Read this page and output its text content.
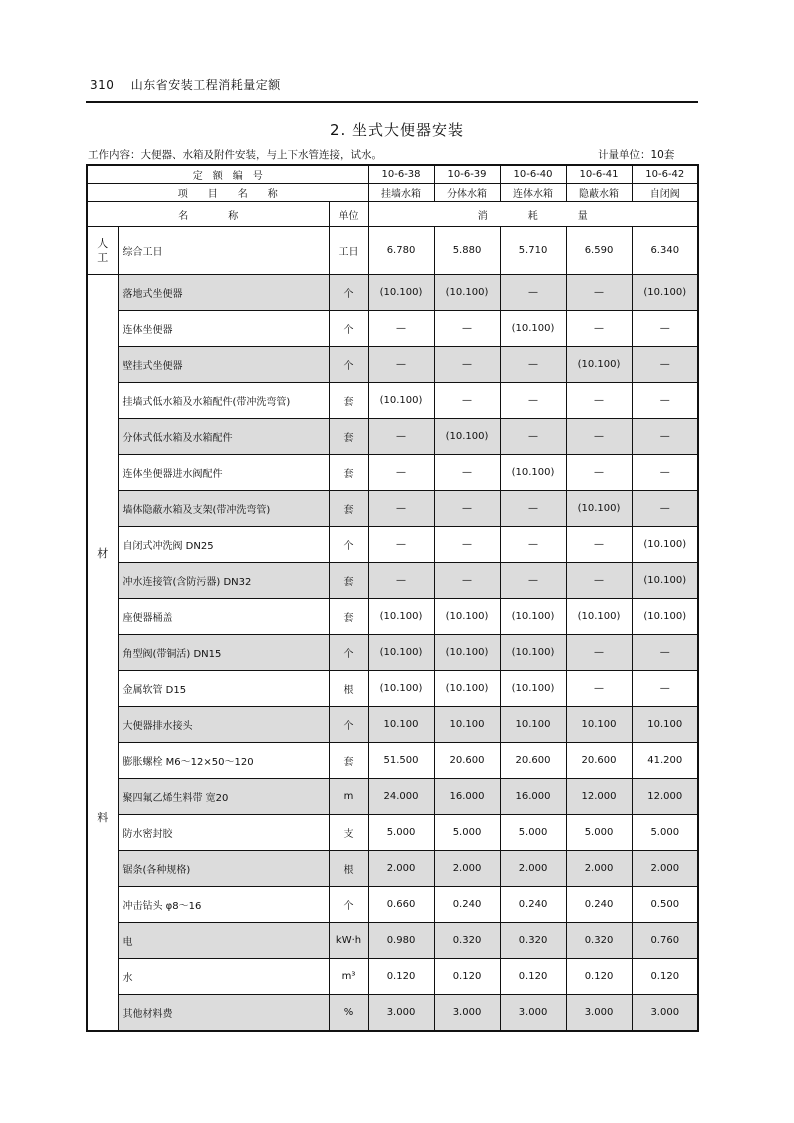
310 山东省安装工程消耗量定额
2. 坐式大便器安装
工作内容：大便器、水箱及附件安装，与上下水管连接，试水。	计量单位：10套
定　额　编　号			10-6-38	10-6-39	10-6-40	10-6-41	10-6-42
项　　目　　名　　称			挂墙水箱	分体水箱	连体水箱	隐蔽水箱	自闭阀
名　　　　称		单位	消　　　　耗　　　　量				

人
工	综合工日	工日	6.780	5.880	5.710	6.590	6.340

材
料	落地式坐便器	个	(10.100)	(10.100)	—	—	(10.100)
	连体坐便器	个	—	—	(10.100)	—	—
	壁挂式坐便器	个	—	—	—	(10.100)	—
	挂墙式低水箱及水箱配件(带冲洗弯管)	套	(10.100)	—	—	—	—
	分体式低水箱及水箱配件	套	—	(10.100)	—	—	—
	连体坐便器进水阀配件	套	—	—	(10.100)	—	—
	墙体隐蔽水箱及支架(带冲洗弯管)	套	—	—	—	(10.100)	—
	自闭式冲洗阀 DN25	个	—	—	—	—	(10.100)
	冲水连接管(含防污器) DN32	套	—	—	—	—	(10.100)
	座便器桶盖	套	(10.100)	(10.100)	(10.100)	(10.100)	(10.100)
	角型阀(带铜活) DN15	个	(10.100)	(10.100)	(10.100)	—	—
	金属软管 D15	根	(10.100)	(10.100)	(10.100)	—	—
	大便器排水接头	个	10.100	10.100	10.100	10.100	10.100
	膨胀螺栓 M6～12×50～120	套	51.500	20.600	20.600	20.600	41.200
	聚四氟乙烯生料带 宽20	m	24.000	16.000	16.000	12.000	12.000
	防水密封胶	支	5.000	5.000	5.000	5.000	5.000
	锯条(各种规格)	根	2.000	2.000	2.000	2.000	2.000
	冲击钻头 φ8～16	个	0.660	0.240	0.240	0.240	0.500
	电	kW·h	0.980	0.320	0.320	0.320	0.760
	水	m³	0.120	0.120	0.120	0.120	0.120
	其他材料费	%	3.000	3.000	3.000	3.000	3.000
